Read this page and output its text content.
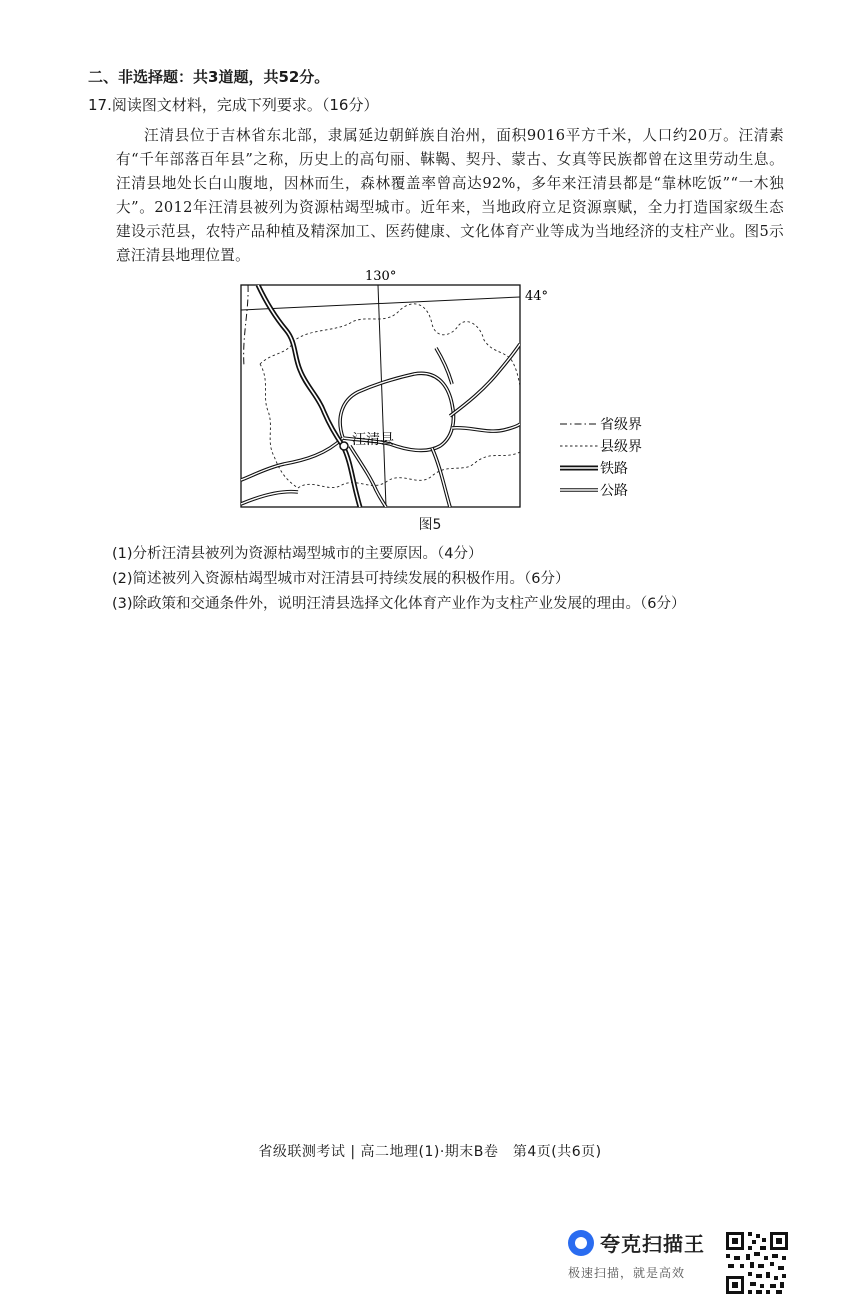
二、非选择题：共3道题，共52分。
17.阅读图文材料，完成下列要求。（16分）
汪清县位于吉林省东北部，隶属延边朝鲜族自治州，面积9016平方千米，人口约20万。汪清素有“千年部落百年县”之称，历史上的高句丽、靺鞨、契丹、蒙古、女真等民族都曾在这里劳动生息。汪清县地处长白山腹地，因林而生，森林覆盖率曾高达92%，多年来汪清县都是“靠林吃饭”“一木独大”。2012年汪清县被列为资源枯竭型城市。近年来，当地政府立足资源禀赋，全力打造国家级生态建设示范县，农特产品种植及精深加工、医药健康、文化体育产业等成为当地经济的支柱产业。图5示意汪清县地理位置。
130°
44°
汪清县
省级界
县级界
铁路
公路
图5
(1)分析汪清县被列为资源枯竭型城市的主要原因。（4分）
(2)简述被列入资源枯竭型城市对汪清县可持续发展的积极作用。（6分）
(3)除政策和交通条件外，说明汪清县选择文化体育产业作为支柱产业发展的理由。（6分）
省级联测考试 | 高二地理(1)·期末B卷　第4页(共6页)
夸克扫描王
极速扫描，就是高效
